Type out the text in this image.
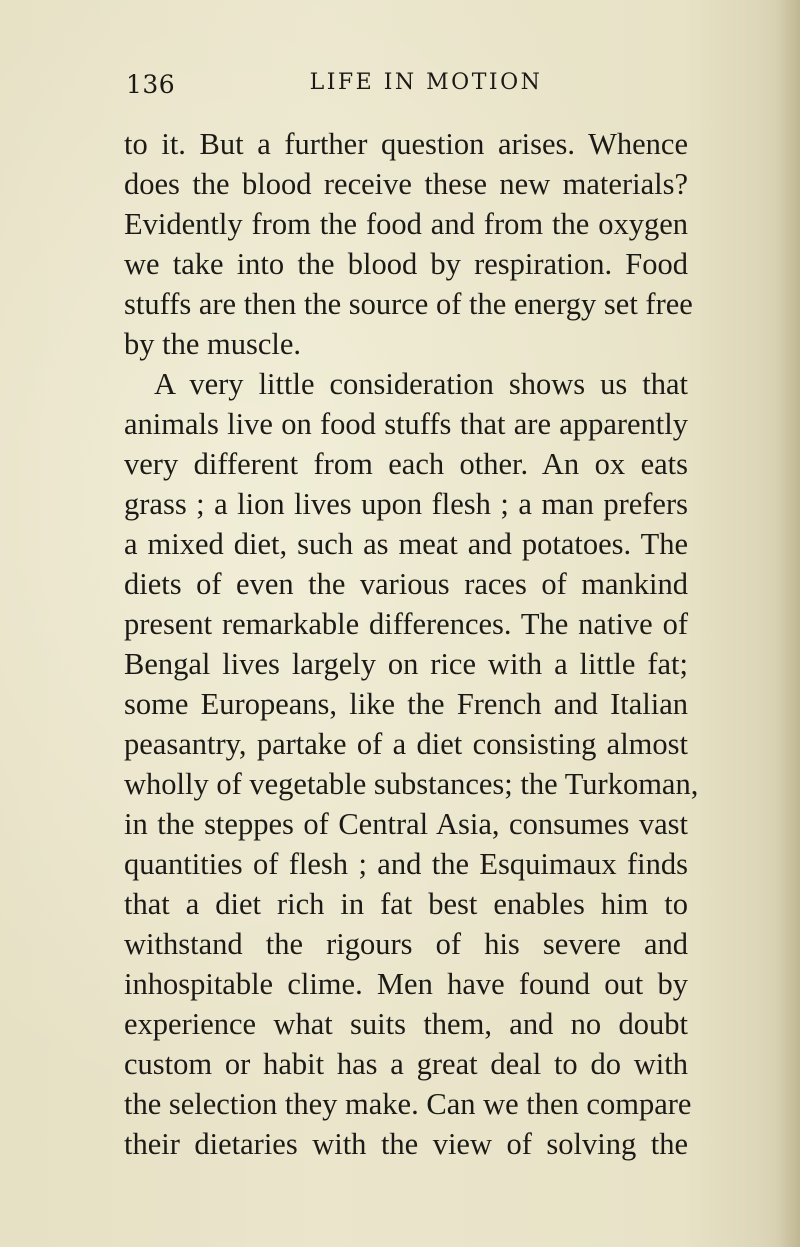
136	LIFE IN MOTION
to it. But a further question arises. Whence
does the blood receive these new materials?
Evidently from the food and from the oxygen
we take into the blood by respiration. Food
stuffs are then the source of the energy set free
by the muscle.
A very little consideration shows us that
animals live on food stuffs that are apparently
very different from each other. An ox eats
grass ; a lion lives upon flesh ; a man prefers
a mixed diet, such as meat and potatoes. The
diets of even the various races of mankind
present remarkable differences. The native of
Bengal lives largely on rice with a little fat;
some Europeans, like the French and Italian
peasantry, partake of a diet consisting almost
wholly of vegetable substances; the Turkoman,
in the steppes of Central Asia, consumes vast
quantities of flesh ; and the Esquimaux finds
that a diet rich in fat best enables him to
withstand the rigours of his severe and
inhospitable clime. Men have found out by
experience what suits them, and no doubt
custom or habit has a great deal to do with
the selection they make. Can we then compare
their dietaries with the view of solving the
